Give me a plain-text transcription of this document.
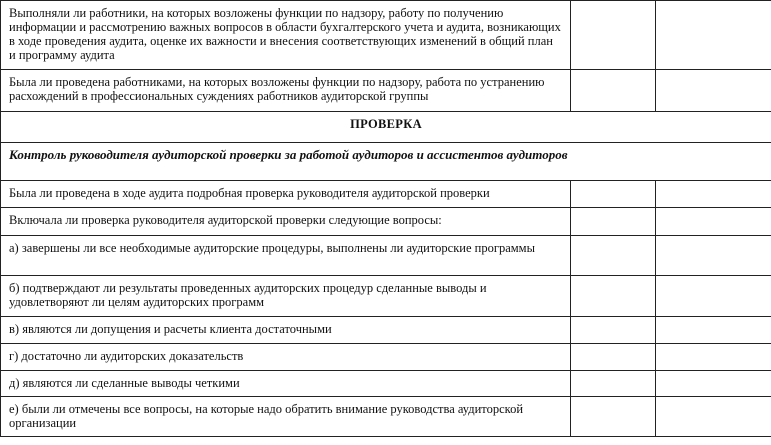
Выполняли ли работники, на которых возложены функции по надзору, работу по получению информации и рассмотрению важных вопросов в области бухгалтерского учета и аудита, возникающих в ходе проведения аудита, оценке их важности и внесения соответствующих изменений в общий план и программу аудита		
Была ли проведена работниками, на которых возложены функции по надзору, работа по устранению расхождений в профессиональных суждениях работников аудиторской группы		
ПРОВЕРКА		
Контроль руководителя аудиторской проверки за работой аудиторов и ассистентов аудиторов		
Была ли проведена в ходе аудита подробная проверка руководителя аудиторской проверки		
Включала ли проверка руководителя аудиторской проверки следующие вопросы:		
а) завершены ли все необходимые аудиторские процедуры, выполнены ли аудиторские программы		
б) подтверждают ли результаты проведенных аудиторских процедур сделанные выводы и удовлетворяют ли целям аудиторских программ		
в) являются ли допущения и расчеты клиента достаточными		
г) достаточно ли аудиторских доказательств		
д) являются ли сделанные выводы четкими		
е) были ли отмечены все вопросы, на которые надо обратить внимание руководства аудиторской организации		
